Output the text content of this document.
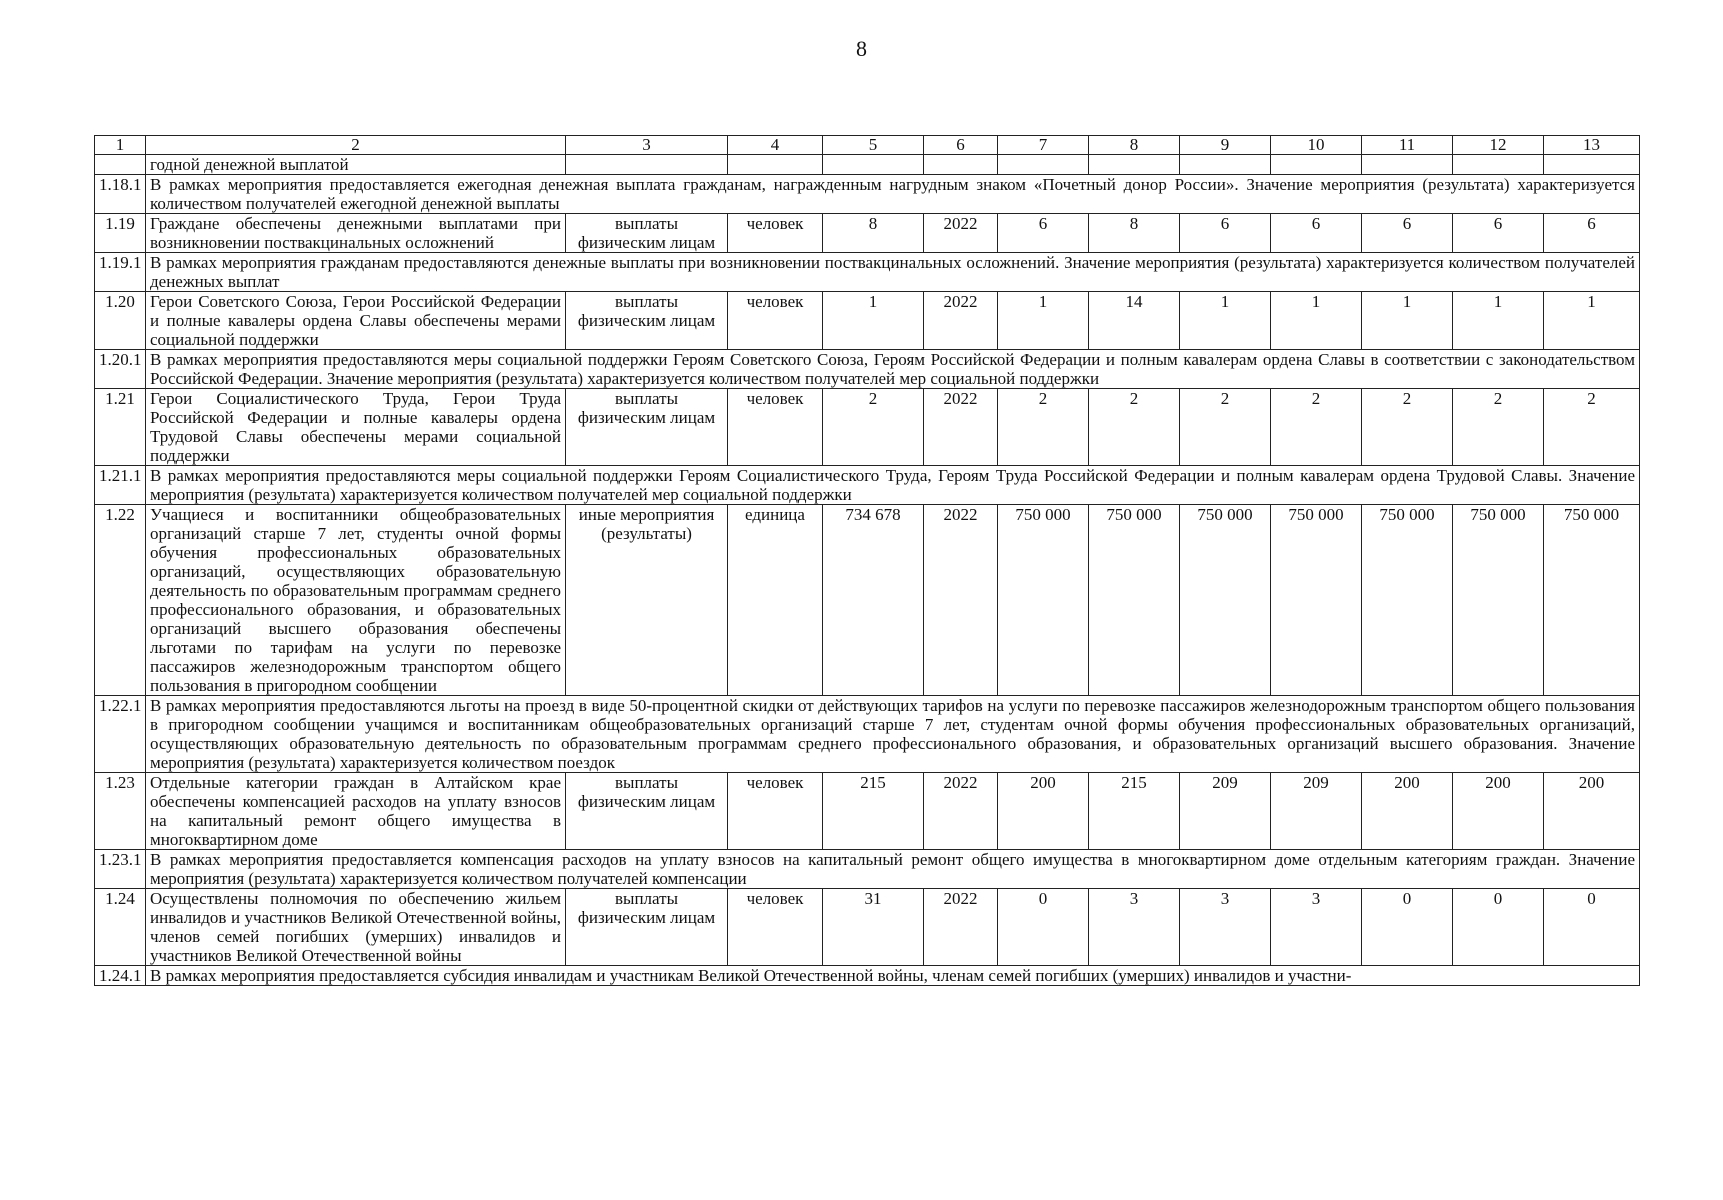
8
1	2	3	4	5	6	7	8	9	10	11	12	13
	годной денежной выплатой											
1.18.1	В рамках мероприятия предоставляется ежегодная денежная выплата гражданам, награжденным нагрудным знаком «Почетный донор России». Значение мероприятия (результата) характеризуется количеством получателей ежегодной денежной выплаты											
1.19	Граждане обеспечены денежными выплатами при возникновении поствакцинальных осложнений	выплаты физическим лицам	человек	8	2022	6	8	6	6	6	6	6
1.19.1	В рамках мероприятия гражданам предоставляются денежные выплаты при возникновении поствакцинальных осложнений. Значение мероприятия (результата) характеризуется количеством получателей денежных выплат											
1.20	Герои Советского Союза, Герои Российской Федерации и полные кавалеры ордена Славы обеспечены мерами социальной поддержки	выплаты физическим лицам	человек	1	2022	1	14	1	1	1	1	1
1.20.1	В рамках мероприятия предоставляются меры социальной поддержки Героям Советского Союза, Героям Российской Федерации и полным кавалерам ордена Славы в соответствии с законодательством Российской Федерации. Значение мероприятия (результата) характеризуется количеством получателей мер социальной поддержки											
1.21	Герои Социалистического Труда, Герои Труда Российской Федерации и полные кавалеры ордена Трудовой Славы обеспечены мерами социальной поддержки	выплаты физическим лицам	человек	2	2022	2	2	2	2	2	2	2
1.21.1	В рамках мероприятия предоставляются меры социальной поддержки Героям Социалистического Труда, Героям Труда Российской Федерации и полным кавалерам ордена Трудовой Славы. Значение мероприятия (результата) характеризуется количеством получателей мер социальной поддержки											
1.22	Учащиеся и воспитанники общеобразовательных организаций старше 7 лет, студенты очной формы обучения профессиональных образовательных организаций, осуществляющих образовательную деятельность по образовательным программам среднего профессионального образования, и образовательных организаций высшего образования обеспечены льготами по тарифам на услуги по перевозке пассажиров железнодорожным транспортом общего пользования в пригородном сообщении	иные мероприятия (результаты)	единица	734 678	2022	750 000	750 000	750 000	750 000	750 000	750 000	750 000
1.22.1	В рамках мероприятия предоставляются льготы на проезд в виде 50-процентной скидки от действующих тарифов на услуги по перевозке пассажиров железнодорожным транспортом общего пользования в пригородном сообщении учащимся и воспитанникам общеобразовательных организаций старше 7 лет, студентам очной формы обучения профессиональных образовательных организаций, осуществляющих образовательную деятельность по образовательным программам среднего профессионального образования, и образовательных организаций высшего образования. Значение мероприятия (результата) характеризуется количеством поездок											
1.23	Отдельные категории граждан в Алтайском крае обеспечены компенсацией расходов на уплату взносов на капитальный ремонт общего имущества в многоквартирном доме	выплаты физическим лицам	человек	215	2022	200	215	209	209	200	200	200
1.23.1	В рамках мероприятия предоставляется компенсация расходов на уплату взносов на капитальный ремонт общего имущества в многоквартирном доме отдельным категориям граждан. Значение мероприятия (результата) характеризуется количеством получателей компенсации											
1.24	Осуществлены полномочия по обеспечению жильем инвалидов и участников Великой Отечественной войны, членов семей погибших (умерших) инвалидов и участников Великой Отечественной войны	выплаты физическим лицам	человек	31	2022	0	3	3	3	0	0	0
1.24.1	В рамках мероприятия предоставляется субсидия инвалидам и участникам Великой Отечественной войны, членам семей погибших (умерших) инвалидов и участни-											
